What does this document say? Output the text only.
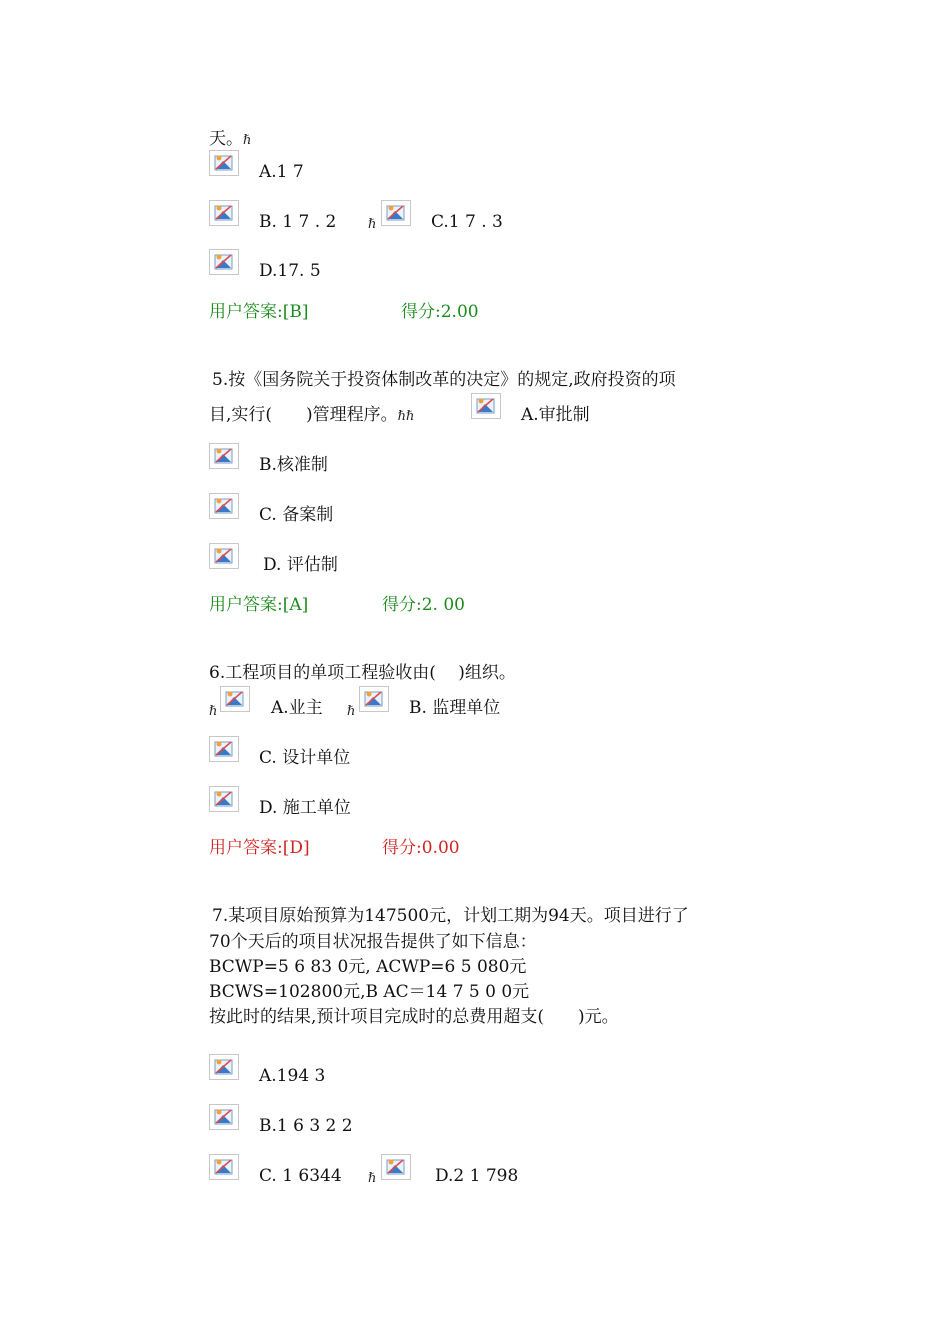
天。ℏ
A.1 7
B. 1 7 . 2 ℏ	C.1 7 . 3
D.17. 5
用户答案:[B]	得分:2.00
5.按《国务院关于投资体制改革的决定》的规定,政府投资的项
目,实行(　　)管理程序。ℏℏ	A.审批制
B.核准制
C. 备案制
D. 评估制
用户答案:[A]	得分:2. 00
6.工程项目的单项工程验收由(　 )组织。
ℏ	A.业主 ℏ	B. 监理单位
C. 设计单位
D. 施工单位
用户答案:[D]	得分:0.00
7.某项目原始预算为147500元，计划工期为94天。项目进行了
70个天后的项目状况报告提供了如下信息：
BCWP=5 6 83 0元, ACWP=6 5 080元
BCWS=102800元,B AC＝14 7 5 0 0元
按此时的结果,预计项目完成时的总费用超支(　　)元。
A.194 3
B.1 6 3 2 2
C. 1 6344 ℏ	D.2 1 798
